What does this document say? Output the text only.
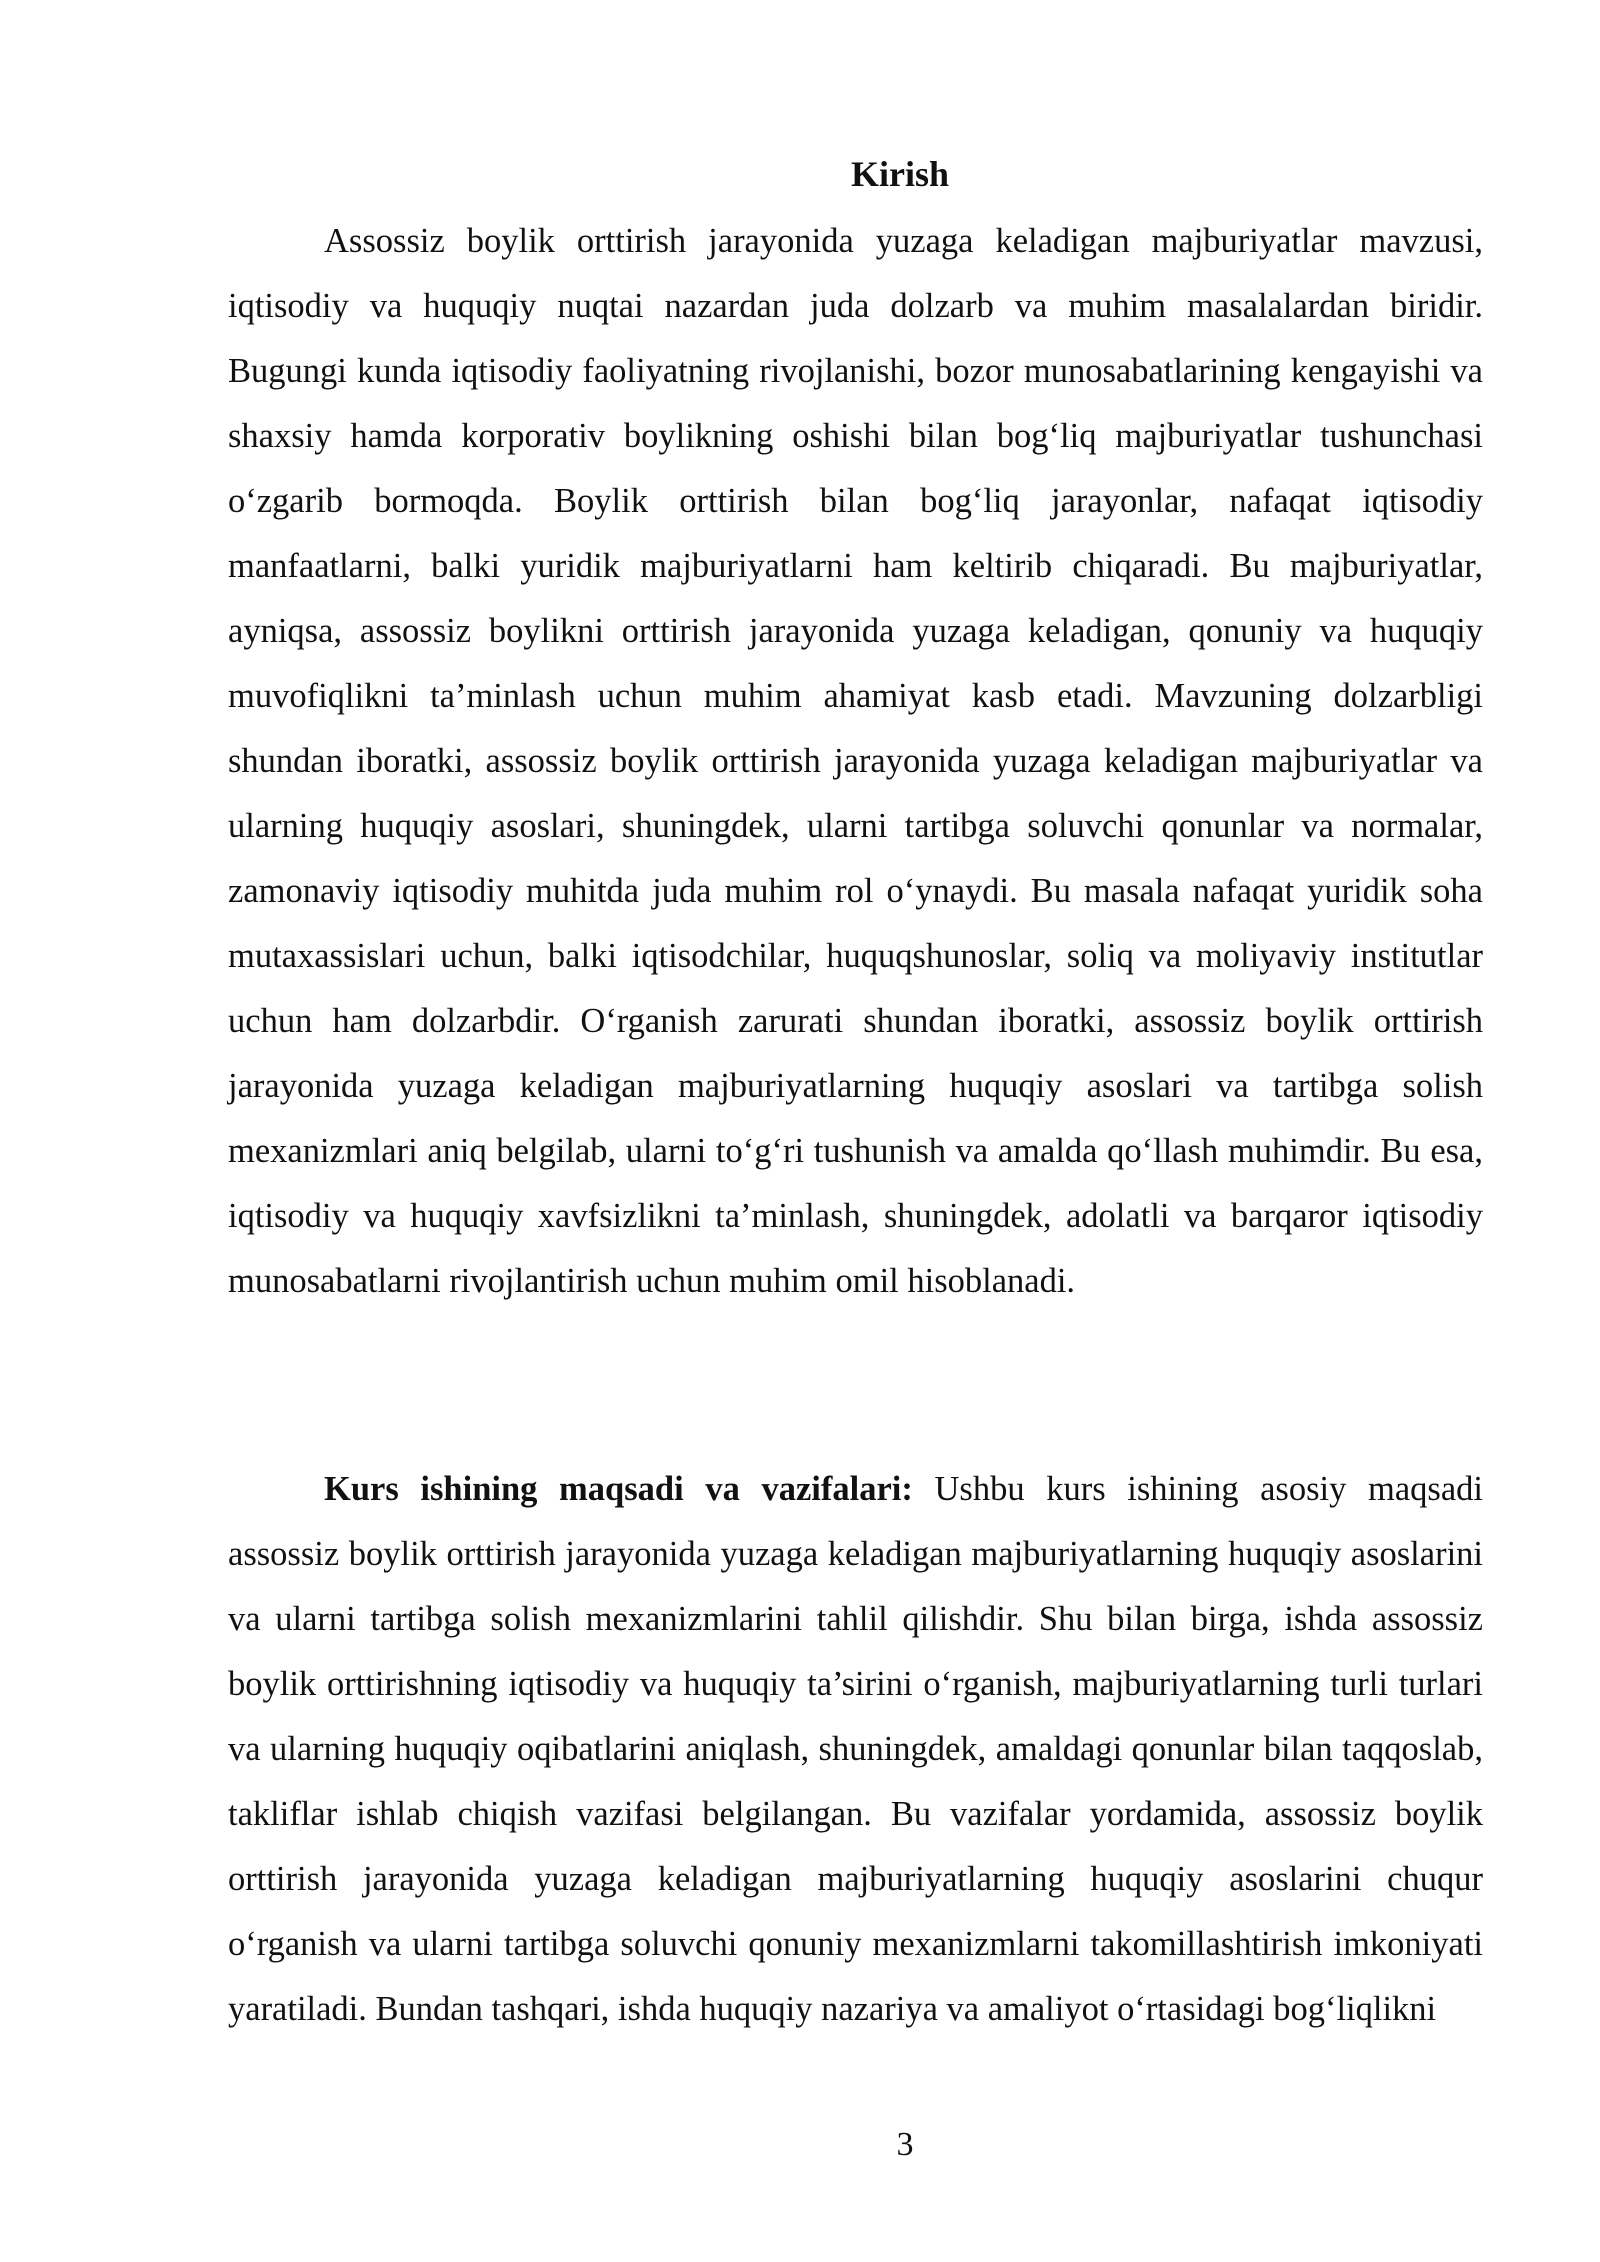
Kirish

Assossiz boylik orttirish jarayonida yuzaga keladigan majburiyatlar mavzusi, iqtisodiy va huquqiy nuqtai nazardan juda dolzarb va muhim masalalardan biridir. Bugungi kunda iqtisodiy faoliyatning rivojlanishi, bozor munosabatlarining kengayishi va shaxsiy hamda korporativ boylikning oshishi bilan bog‘liq majburiyatlar tushunchasi o‘zgarib bormoqda. Boylik orttirish bilan bog‘liq jarayonlar, nafaqat iqtisodiy manfaatlarni, balki yuridik majburiyatlarni ham keltirib chiqaradi. Bu majburiyatlar, ayniqsa, assossiz boylikni orttirish jarayonida yuzaga keladigan, qonuniy va huquqiy muvofiqlikni ta’minlash uchun muhim ahamiyat kasb etadi. Mavzuning dolzarbligi shundan iboratki, assossiz boylik orttirish jarayonida yuzaga keladigan majburiyatlar va ularning huquqiy asoslari, shuningdek, ularni tartibga soluvchi qonunlar va normalar, zamonaviy iqtisodiy muhitda juda muhim rol o‘ynaydi. Bu masala nafaqat yuridik soha mutaxassislari uchun, balki iqtisodchilar, huquqshunoslar, soliq va moliyaviy institutlar uchun ham dolzarbdir. O‘rganish zarurati shundan iboratki, assossiz boylik orttirish jarayonida yuzaga keladigan majburiyatlarning huquqiy asoslari va tartibga solish mexanizmlari aniq belgilab, ularni to‘g‘ri tushunish va amalda qo‘llash muhimdir. Bu esa, iqtisodiy va huquqiy xavfsizlikni ta’minlash, shuningdek, adolatli va barqaror iqtisodiy munosabatlarni rivojlantirish uchun muhim omil hisoblanadi.

Kurs ishining maqsadi va vazifalari: Ushbu kurs ishining asosiy maqsadi assossiz boylik orttirish jarayonida yuzaga keladigan majburiyatlarning huquqiy asoslarini va ularni tartibga solish mexanizmlarini tahlil qilishdir. Shu bilan birga, ishda assossiz boylik orttirishning iqtisodiy va huquqiy ta’sirini o‘rganish, majburiyatlarning turli turlari va ularning huquqiy oqibatlarini aniqlash, shuningdek, amaldagi qonunlar bilan taqqoslab, takliflar ishlab chiqish vazifasi belgilangan. Bu vazifalar yordamida, assossiz boylik orttirish jarayonida yuzaga keladigan majburiyatlarning huquqiy asoslarini chuqur o‘rganish va ularni tartibga soluvchi qonuniy mexanizmlarni takomillashtirish imkoniyati yaratiladi. Bundan tashqari, ishda huquqiy nazariya va amaliyot o‘rtasidagi bog‘liqlikni

3
